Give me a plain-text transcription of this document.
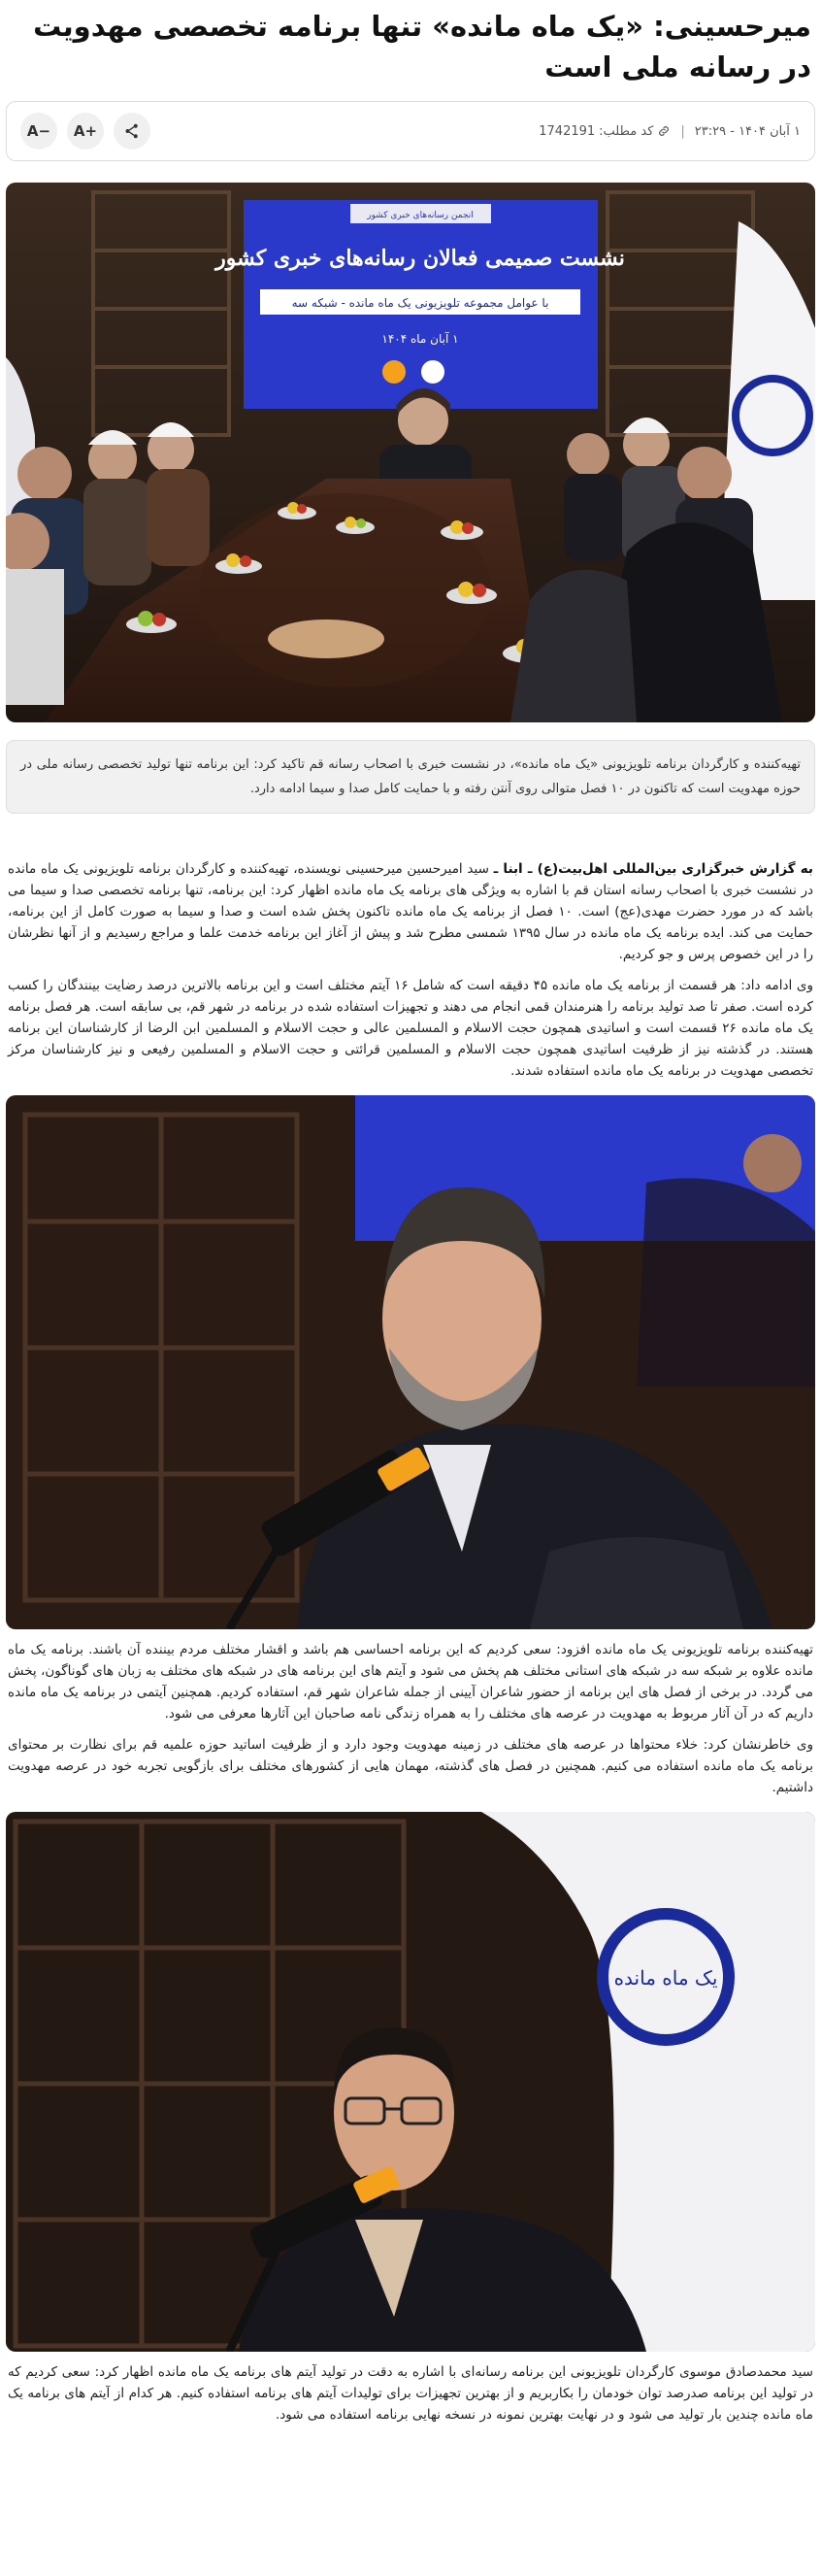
میرحسینی: «یک ماه مانده» تنها برنامه تخصصی مهدویت در رسانه ملی است
۱ آبان ۱۴۰۴ - ۲۳:۲۹
|
کد مطلب:
1742191
A−	A+
انجمن رسانه‌های خبری کشور
نشست صمیمی فعالان رسانه‌های خبری کشور
با عوامل مجموعه تلویزیونی یک ماه مانده - شبکه سه
۱ آبان ماه ۱۴۰۴
تهیه‌کننده و کارگردان برنامه تلویزیونی «یک ماه مانده»، در نشست خبری با اصحاب رسانه قم تاکید کرد: این برنامه تنها تولید تخصصی رسانه ملی در حوزه مهدویت است که تاکنون در ۱۰ فصل متوالی روی آنتن رفته و با حمایت کامل صدا و سیما ادامه دارد.

به گزارش خبرگزاری بین‌المللی اهل‌بیت(ع) ـ ابنا ـ سید امیرحسین میرحسینی نویسنده، تهیه‌کننده و کارگردان برنامه تلویزیونی یک ماه مانده در نشست خبری با اصحاب رسانه استان قم با اشاره به ویژگی های برنامه یک ماه مانده اظهار کرد: این برنامه، تنها برنامه تخصصی صدا و سیما می باشد که در مورد حضرت مهدی(عج) است. ۱۰ فصل از برنامه یک ماه مانده تاکنون پخش شده است و صدا و سیما به صورت کامل از این برنامه، حمایت می کند. ایده برنامه یک ماه مانده در سال ۱۳۹۵ شمسی مطرح شد و پیش از آغاز این برنامه خدمت علما و مراجع رسیدیم و از آنها نظرشان را در این خصوص پرس و جو کردیم.

وی ادامه داد: هر قسمت از برنامه یک ماه مانده ۴۵ دقیقه است که شامل ۱۶ آیتم مختلف است و این برنامه بالاترین درصد رضایت بینندگان را کسب کرده است. صفر تا صد تولید برنامه را هنرمندان قمی انجام می دهند و تجهیزات استفاده شده در برنامه در شهر قم، بی سابقه است. هر فصل برنامه یک ماه مانده ۲۶ قسمت است و اساتیدی همچون حجت الاسلام و المسلمین عالی و حجت الاسلام و المسلمین ابن الرضا از کارشناسان این برنامه هستند. در گذشته نیز از ظرفیت اساتیدی همچون حجت الاسلام و المسلمین قرائتی و حجت الاسلام و المسلمین رفیعی و نیز کارشناسان مرکز تخصصی مهدویت در برنامه یک ماه مانده استفاده شدند.

تهیه‌کننده برنامه تلویزیونی یک ماه مانده افزود: سعی کردیم که این برنامه احساسی هم باشد و اقشار مختلف مردم بیننده آن باشند. برنامه یک ماه مانده علاوه بر شبکه سه در شبکه های استانی مختلف هم پخش می شود و آیتم های این برنامه های در شبکه های مختلف به زبان های گوناگون، پخش می گردد. در برخی از فصل های این برنامه از حضور شاعران آیینی از جمله شاعران شهر قم، استفاده کردیم. همچنین آیتمی در برنامه یک ماه مانده داریم که در آن آثار مربوط به مهدویت در عرصه های مختلف را به همراه زندگی نامه صاحبان این آثارها معرفی می شود.

وی خاطرنشان کرد: خلاء محتواها در عرصه های مختلف در زمینه مهدویت وجود دارد و از ظرفیت اساتید حوزه علمیه قم برای نظارت بر محتوای برنامه یک ماه مانده استفاده می کنیم. همچنین در فصل های گذشته، مهمان هایی از کشورهای مختلف برای بازگویی تجربه خود در عرصه مهدویت داشتیم.

یک ماه مانده

سید محمدصادق موسوی کارگردان تلویزیونی این برنامه رسانه‌ای با اشاره به دقت در تولید آیتم های برنامه یک ماه مانده اظهار کرد: سعی کردیم که در تولید این برنامه صدرصد توان خودمان را بکاربریم و از بهترین تجهیزات برای تولیدات آیتم های برنامه استفاده کنیم. هر کدام از آیتم های برنامه یک ماه مانده چندین بار تولید می شود و در نهایت بهترین نمونه در نسخه نهایی برنامه استفاده می شود.
